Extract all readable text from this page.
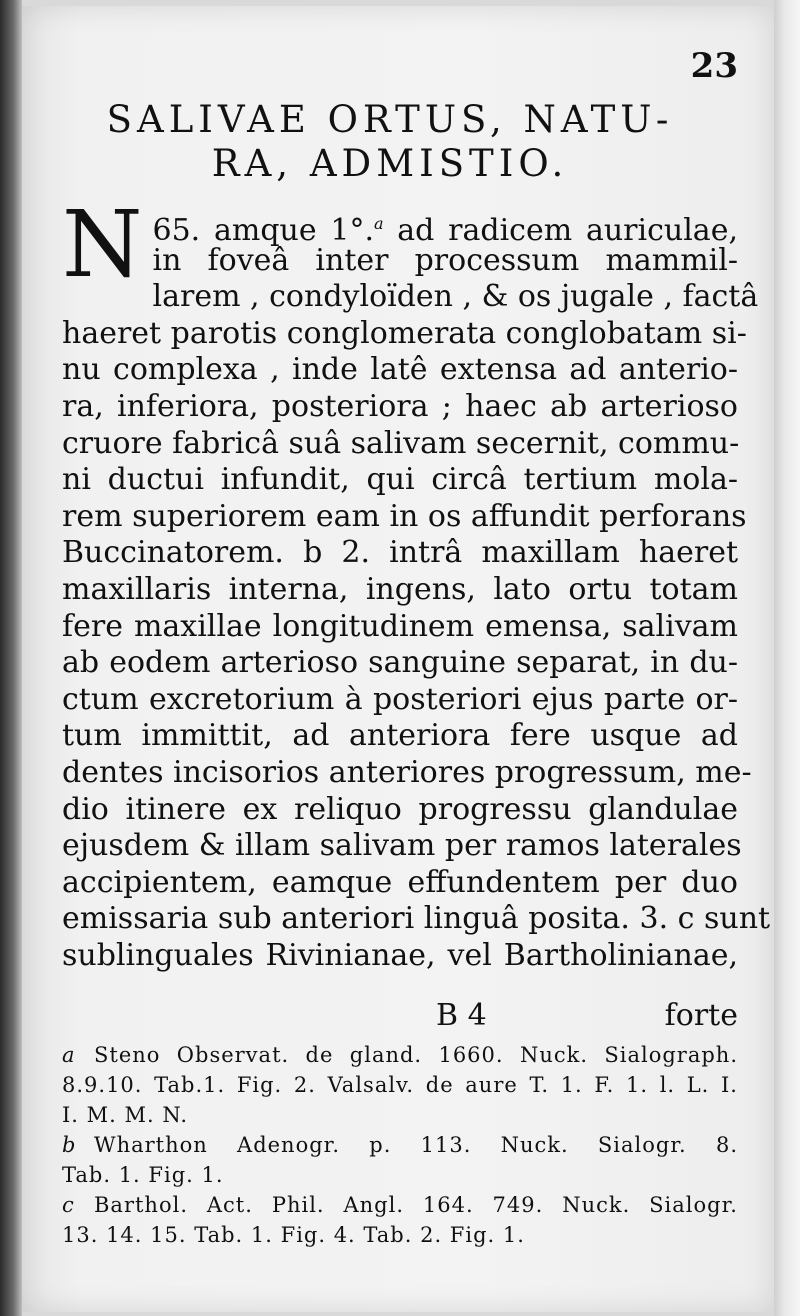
23
SALIVAE ORTUS, NATU-
RA, ADMISTIO.
65.
N amque 1°.$^a$ ad radicem auriculae,
in foveâ inter processum mammil-
larem , condyloïden , & os jugale , factâ
haeret parotis conglomerata conglobatam si-
nu complexa , inde latê extensa ad anterio-
ra, inferiora, posteriora ; haec ab arterioso
cruore fabricâ suâ salivam secernit, commu-
ni ductui infundit, qui circâ tertium mola-
rem superiorem eam in os affundit perforans
Buccinatorem. b 2. intrâ maxillam haeret
maxillaris interna, ingens, lato ortu totam
fere maxillae longitudinem emensa, salivam
ab eodem arterioso sanguine separat, in du-
ctum excretorium à posteriori ejus parte or-
tum immittit, ad anteriora fere usque ad
dentes incisorios anteriores progressum, me-
dio itinere ex reliquo progressu glandulae
ejusdem & illam salivam per ramos laterales
accipientem, eamque effundentem per duo
emissaria sub anteriori linguâ posita. 3. c sunt
sublinguales Rivinianae, vel Bartholinianae,
B 4	forte
a Steno Observat. de gland. 1660. Nuck. Sialograph.
8.9.10. Tab.1. Fig. 2. Valsalv. de aure T. 1. F. 1. l. L. I.
I. M. M. N.
b Wharthon Adenogr. p. 113. Nuck. Sialogr. 8.
Tab. 1. Fig. 1.
c Barthol. Act. Phil. Angl. 164. 749. Nuck. Sialogr.
13. 14. 15. Tab. 1. Fig. 4. Tab. 2. Fig. 1.
